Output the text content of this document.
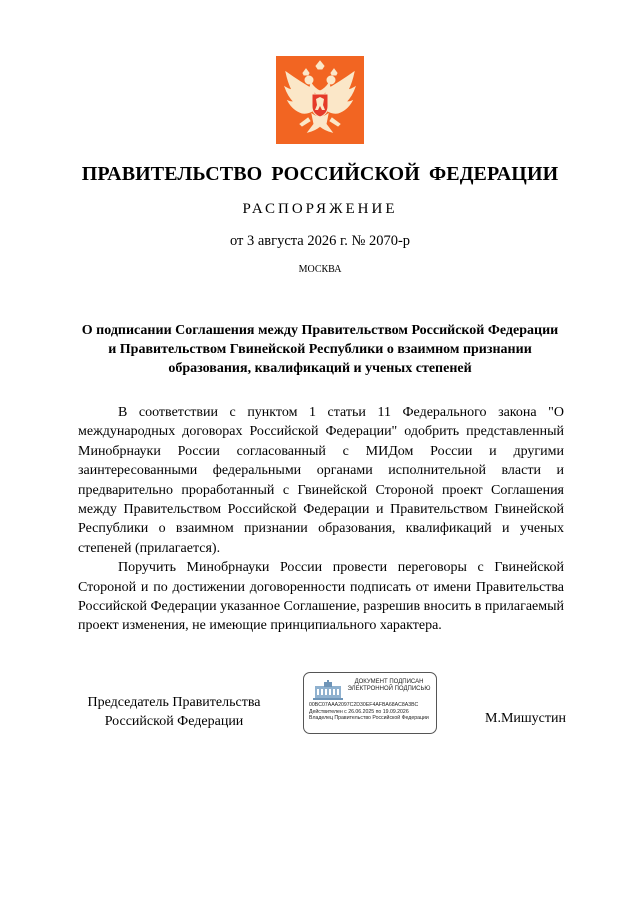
ПРАВИТЕЛЬСТВО РОССИЙСКОЙ ФЕДЕРАЦИИ
РАСПОРЯЖЕНИЕ
от 3 августа 2026 г. № 2070-р
МОСКВА
О подписании Соглашения между Правительством Российской Федерации и Правительством Гвинейской Республики о взаимном признании образования, квалификаций и ученых степеней

В соответствии с пунктом 1 статьи 11 Федерального закона "О международных договорах Российской Федерации" одобрить представленный Минобрнауки России согласованный с МИДом России и другими заинтересованными федеральными органами исполнительной власти и предварительно проработанный с Гвинейской Стороной проект Соглашения между Правительством Российской Федерации и Правительством Гвинейской Республики о взаимном признании образования, квалификаций и ученых степеней (прилагается).

Поручить Минобрнауки России провести переговоры с Гвинейской Стороной и по достижении договоренности подписать от имени Правительства Российской Федерации указанное Соглашение, разрешив вносить в прилагаемый проект изменения, не имеющие принципиального характера.

Председатель Правительства
Российской Федерации
ДОКУМЕНТ ПОДПИСАН
ЭЛЕКТРОННОЙ ПОДПИСЬЮ
00BC07AAA2097C2D30EF4AFBA68AC8A3BC
Действителен с 26.06.2025 по 19.09.2026
Владелец Правительство Российской Федерации	М.Мишустин
